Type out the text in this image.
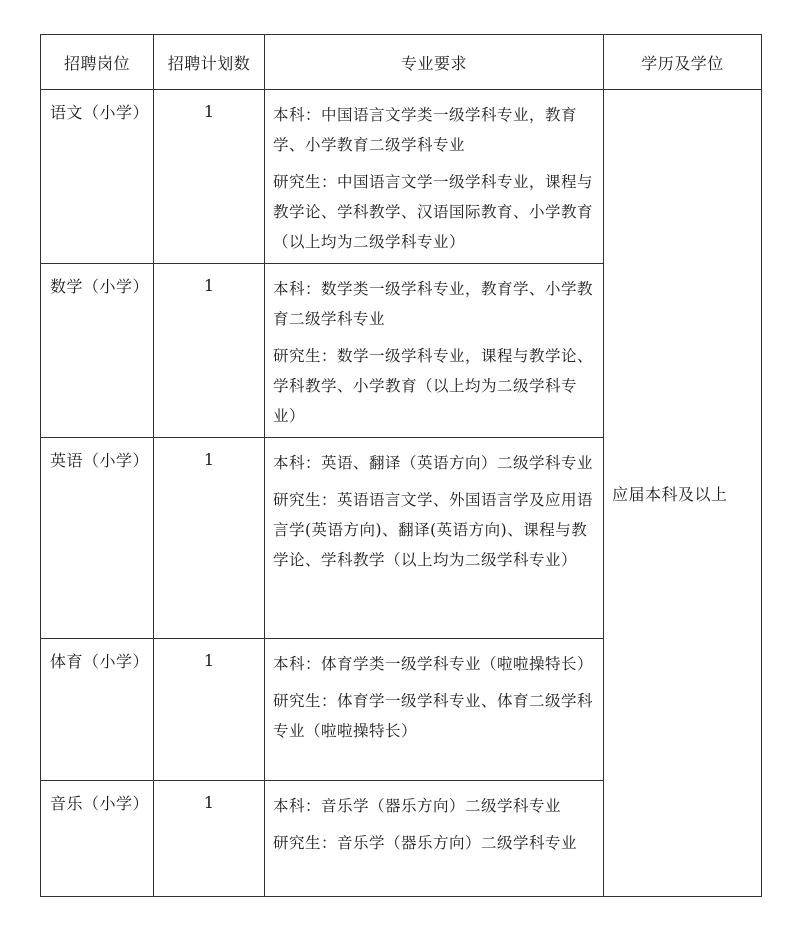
招聘岗位	招聘计划数	专业要求	学历及学位
语文（小学）	1	本科：中国语言文学类一级学科专业，教育学、小学教育二级学科专业

研究生：中国语言文学一级学科专业，课程与教学论、学科教学、汉语国际教育、小学教育（以上均为二级学科专业）	应届本科及以上
数学（小学）	1	本科：数学类一级学科专业，教育学、小学教育二级学科专业

研究生：数学一级学科专业，课程与教学论、学科教学、小学教育（以上均为二级学科专业）	

英语（小学）	1	本科：英语、翻译（英语方向）二级学科专业

研究生：英语语言文学、外国语言学及应用语言学(英语方向)、翻译(英语方向)、课程与教学论、学科教学（以上均为二级学科专业）	

体育（小学）	1	本科：体育学类一级学科专业（啦啦操特长）

研究生：体育学一级学科专业、体育二级学科专业（啦啦操特长）	

音乐（小学）	1	本科：音乐学（器乐方向）二级学科专业

研究生：音乐学（器乐方向）二级学科专业	
